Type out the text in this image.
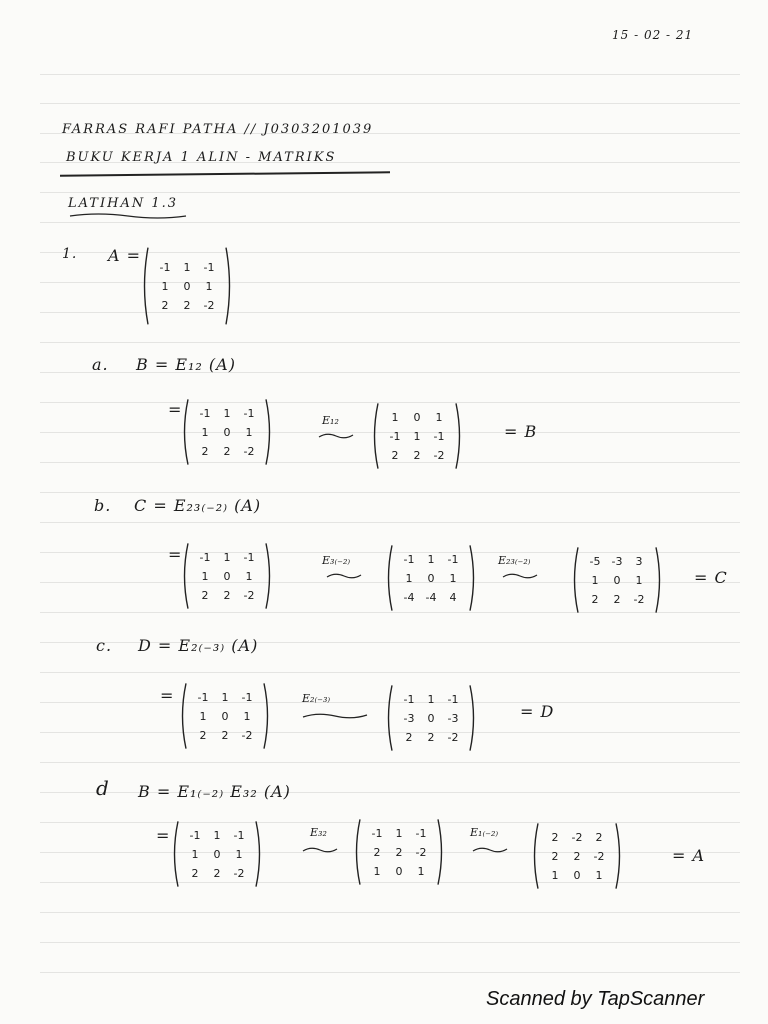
15 - 02 - 21
FARRAS RAFI PATHA // J0303201039
BUKU KERJA 1 ALIN - MATRIKS
LATIHAN 1.3
1. A =
-1	1	-1
1	0	1
2	2	-2
a. B = E₁₂ (A)
=	-1	1	-1
1	0	1
2	2	-2
E₁₂	1	0	1
-1	1	-1
2	2	-2
= B
b. C = E₂₃₍₋₂₎ (A)
=	-1	1	-1
1	0	1
2	2	-2
E₃₍₋₂₎	-1	1	-1
1	0	1
-4	-4	4
E₂₃₍₋₂₎	-5	-3	3
1	0	1
2	2	-2
= C
c. D = E₂₍₋₃₎ (A)
=	-1	1	-1
1	0	1
2	2	-2
E₂₍₋₃₎	-1	1	-1
-3	0	-3
2	2	-2
= D
d B = E₁₍₋₂₎ E₃₂ (A)
=	-1	1	-1
1	0	1
2	2	-2
E₃₂	-1	1	-1
2	2	-2
1	0	1
E₁₍₋₂₎	2	-2	2
2	2	-2
1	0	1
= A
Scanned by TapScanner
